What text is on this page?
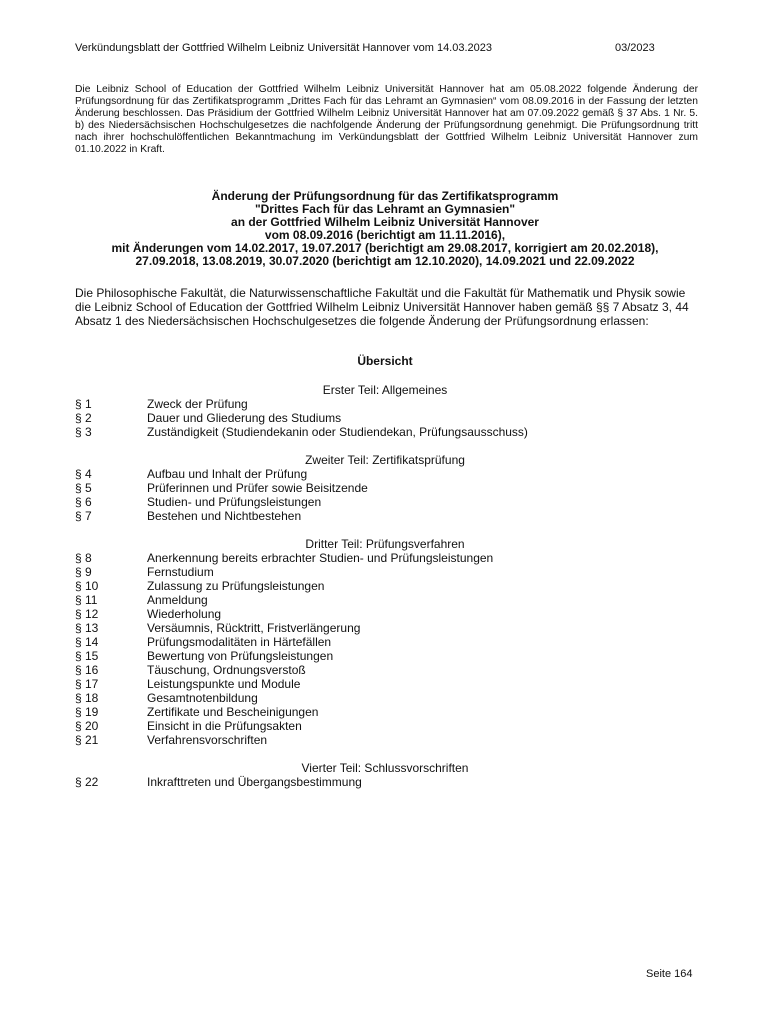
Verkündungsblatt der Gottfried Wilhelm Leibniz Universität Hannover vom 14.03.2023	03/2023
Die Leibniz School of Education der Gottfried Wilhelm Leibniz Universität Hannover hat am 05.08.2022 folgende Änderung der Prüfungsordnung für das Zertifikatsprogramm „Drittes Fach für das Lehramt an Gymnasien“ vom 08.09.2016 in der Fassung der letzten Änderung beschlossen. Das Präsidium der Gottfried Wilhelm Leibniz Universität Hannover hat am 07.09.2022 gemäß § 37 Abs. 1 Nr. 5. b) des Niedersächsischen Hochschulgesetzes die nachfolgende Änderung der Prüfungsordnung genehmigt. Die Prüfungsordnung tritt nach ihrer hochschulöffentlichen Bekanntmachung im Verkündungsblatt der Gottfried Wilhelm Leibniz Universität Hannover zum 01.10.2022 in Kraft.
Änderung der Prüfungsordnung für das Zertifikatsprogramm
"Drittes Fach für das Lehramt an Gymnasien"
an der Gottfried Wilhelm Leibniz Universität Hannover
vom 08.09.2016 (berichtigt am 11.11.2016),
mit Änderungen vom 14.02.2017, 19.07.2017 (berichtigt am 29.08.2017, korrigiert am 20.02.2018),
27.09.2018, 13.08.2019, 30.07.2020 (berichtigt am 12.10.2020), 14.09.2021 und 22.09.2022
Die Philosophische Fakultät, die Naturwissenschaftliche Fakultät und die Fakultät für Mathematik und Physik sowie die Leibniz School of Education der Gottfried Wilhelm Leibniz Universität Hannover haben gemäß §§ 7 Absatz 3, 44 Absatz 1 des Niedersächsischen Hochschulgesetzes die folgende Änderung der Prüfungsordnung erlassen:
Übersicht
Erster Teil: Allgemeines
§ 1	Zweck der Prüfung
§ 2	Dauer und Gliederung des Studiums
§ 3	Zuständigkeit (Studiendekanin oder Studiendekan, Prüfungsausschuss)
Zweiter Teil: Zertifikatsprüfung
§ 4	Aufbau und Inhalt der Prüfung
§ 5	Prüferinnen und Prüfer sowie Beisitzende
§ 6	Studien- und Prüfungsleistungen
§ 7	Bestehen und Nichtbestehen
Dritter Teil: Prüfungsverfahren
§ 8	Anerkennung bereits erbrachter Studien- und Prüfungsleistungen
§ 9	Fernstudium
§ 10	Zulassung zu Prüfungsleistungen
§ 11	Anmeldung
§ 12	Wiederholung
§ 13	Versäumnis, Rücktritt, Fristverlängerung
§ 14	Prüfungsmodalitäten in Härtefällen
§ 15	Bewertung von Prüfungsleistungen
§ 16	Täuschung, Ordnungsverstoß
§ 17	Leistungspunkte und Module
§ 18	Gesamtnotenbildung
§ 19	Zertifikate und Bescheinigungen
§ 20	Einsicht in die Prüfungsakten
§ 21	Verfahrensvorschriften
Vierter Teil: Schlussvorschriften
§ 22	Inkrafttreten und Übergangsbestimmung
Seite 164
